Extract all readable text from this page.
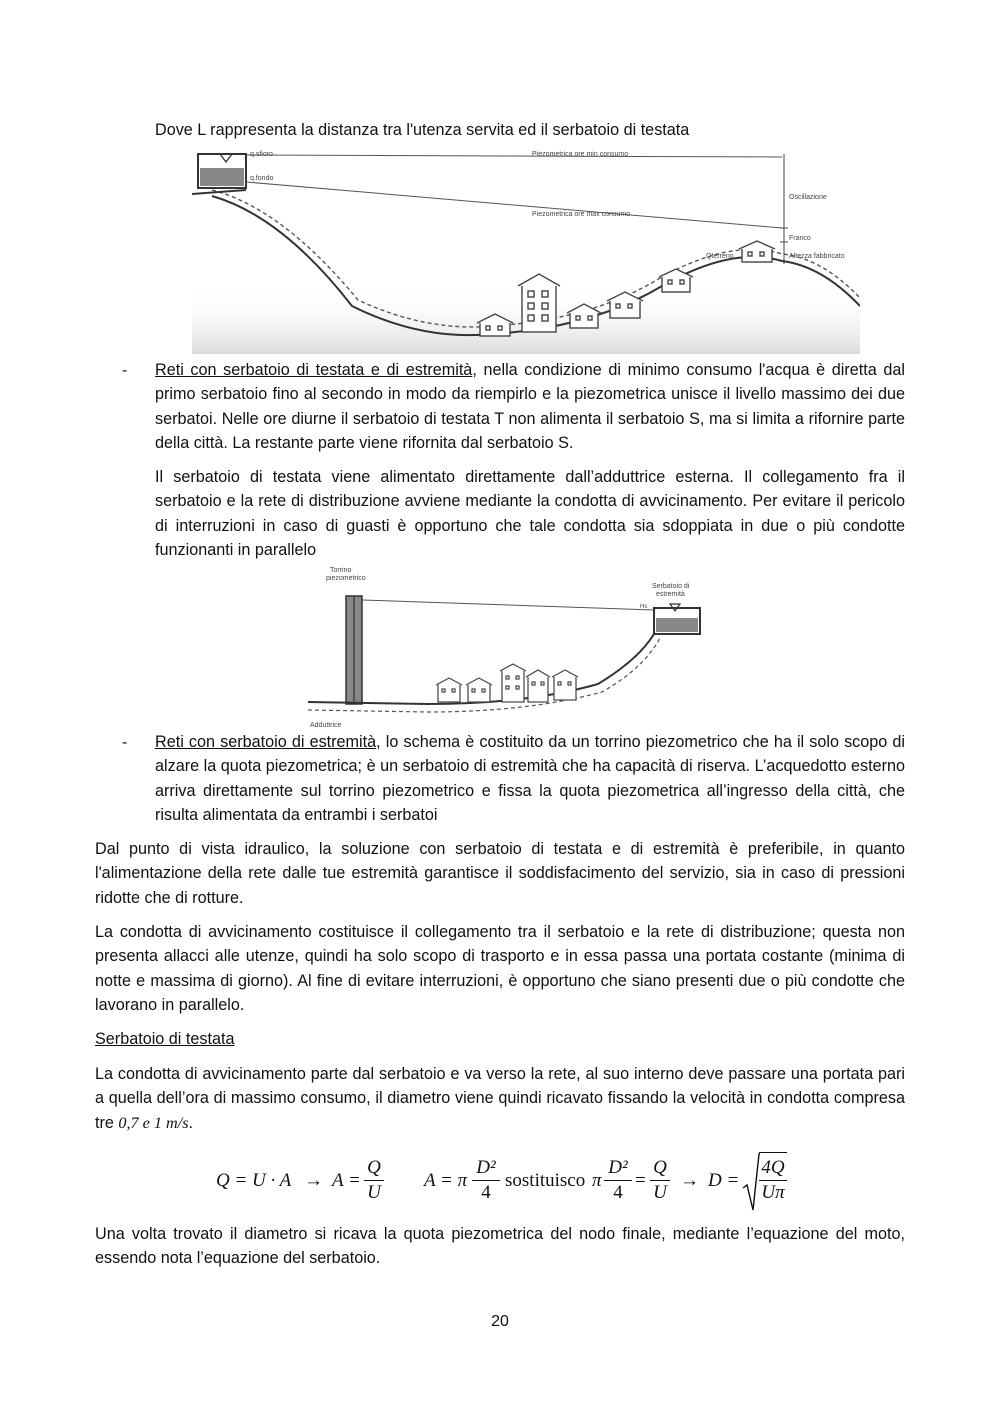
Dove L rappresenta la distanza tra l'utenza servita ed il serbatoio di testata

q.sfioro
q.fondo
Piezometrica ore min consumo
Piezometrica ore max consumo
Oscillazione
Franco
Altezza fabbricato
Qterreno
- Reti con serbatoio di testata e di estremità, nella condizione di minimo consumo l'acqua è diretta dal primo serbatoio fino al secondo in modo da riempirlo e la piezometrica unisce il livello massimo dei due serbatoi. Nelle ore diurne il serbatoio di testata T non alimenta il serbatoio S, ma si limita a rifornire parte della città. La restante parte viene rifornita dal serbatoio S.

Il serbatoio di testata viene alimentato direttamente dall’adduttrice esterna. Il collegamento fra il serbatoio e la rete di distribuzione avviene mediante la condotta di avvicinamento. Per evitare il pericolo di interruzioni in caso di guasti è opportuno che tale condotta sia sdoppiata in due o più condotte funzionanti in parallelo

Torrino
piezometrico
Serbatoio di
estremità
Hs
Adduttrice
- Reti con serbatoio di estremità, lo schema è costituito da un torrino piezometrico che ha il solo scopo di alzare la quota piezometrica; è un serbatoio di estremità che ha capacità di riserva. L’acquedotto esterno arriva direttamente sul torrino piezometrico e fissa la quota piezometrica all’ingresso della città, che risulta alimentata da entrambi i serbatoi

Dal punto di vista idraulico, la soluzione con serbatoio di testata e di estremità è preferibile, in quanto l'alimentazione della rete dalle tue estremità garantisce il soddisfacimento del servizio, sia in caso di pressioni ridotte che di rotture.

La condotta di avvicinamento costituisce il collegamento tra il serbatoio e la rete di distribuzione; questa non presenta allacci alle utenze, quindi ha solo scopo di trasporto e in essa passa una portata costante (minima di notte e massima di giorno). Al fine di evitare interruzioni, è opportuno che siano presenti due o più condotte che lavorano in parallelo.

Serbatoio di testata

La condotta di avvicinamento parte dal serbatoio e va verso la rete, al suo interno deve passare una portata pari a quella dell’ora di massimo consumo, il diametro viene quindi ricavato fissando la velocità in condotta compresa tre 0,7 e 1 m/s.

$Q = U \cdot A \to A = \frac{Q}{U}$ A = π $\frac{\text{D²}}{4}$ sostituisco π $\frac{\text{D²}}{4} = \frac{Q}{U} \to D = \frac{4Q}{U\pi}$

Una volta trovato il diametro si ricava la quota piezometrica del nodo finale, mediante l’equazione del moto, essendo nota l’equazione del serbatoio.

20
